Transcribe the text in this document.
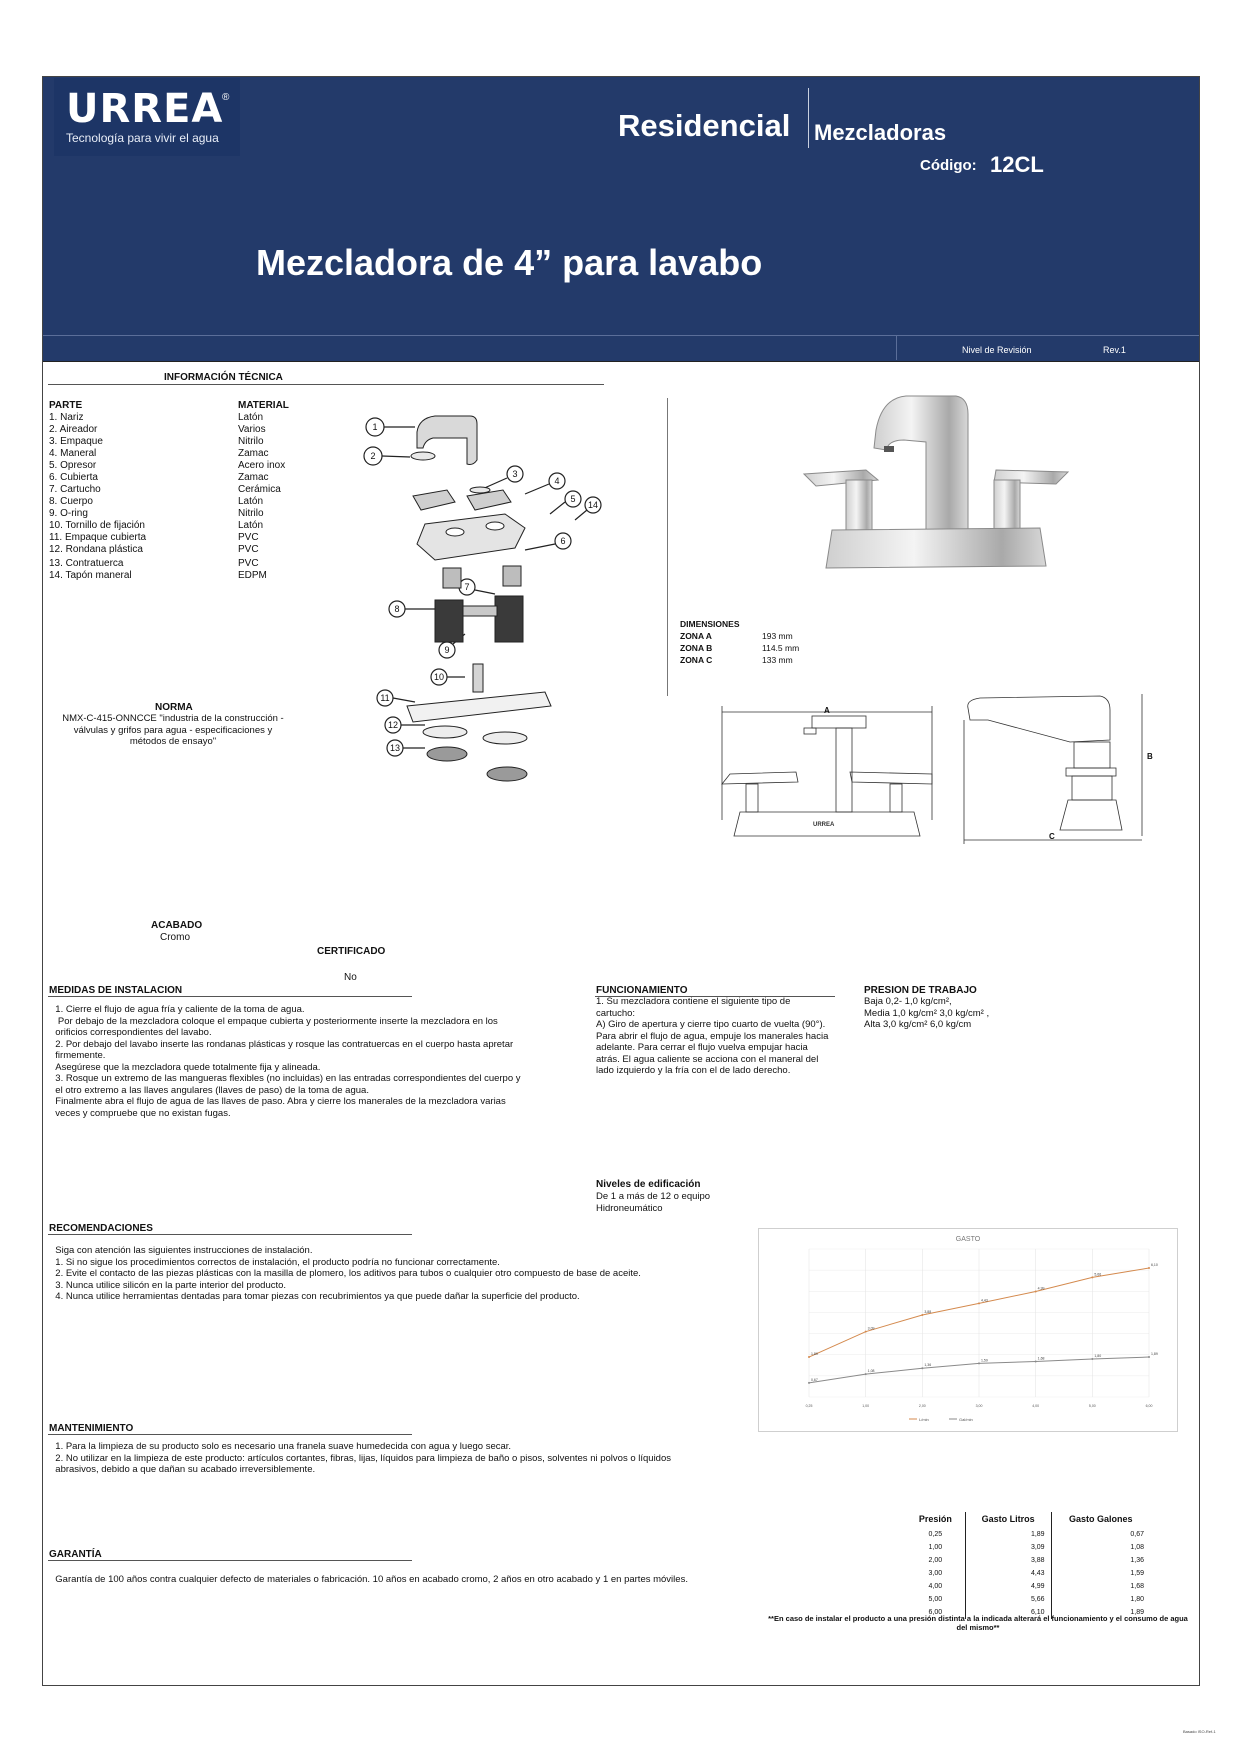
URREA
®
Tecnología para vivir el agua	Residencial Mezcladoras
Código: 12CL
Mezcladora de 4” para lavabo
Nivel de Revisión	Rev.1
INFORMACIÓN TÉCNICA
PARTE	MATERIAL
1. Nariz	Latón
2. Aireador	Varios
3. Empaque	Nitrilo
4. Maneral	Zamac
5. Opresor	Acero inox
6. Cubierta	Zamac
7. Cartucho	Cerámica
8. Cuerpo	Latón
9. O-ring	Nitrilo
10. Tornillo de fijación	Latón
11. Empaque cubierta	PVC
12. Rondana plástica	PVC
13. Contratuerca	PVC
14. Tapón maneral	EDPM
1
2
3
4
5
14
6
7
8
9
10
11
12
13
DIMENSIONES
ZONA A	193 mm
ZONA B	114.5 mm
ZONA C	133 mm
A
URREA
B
C
NORMA
NMX-C-415-ONNCCE "industria de la construcción - válvulas y grifos para agua - especificaciones y métodos de ensayo"
ACABADO
Cromo
CERTIFICADO
No
MEDIDAS DE INSTALACION
1. Cierre el flujo de agua fría y caliente de la toma de agua.
Por debajo de la mezcladora coloque el empaque cubierta y posteriormente inserte la mezcladora en los
orificios correspondientes del lavabo.
2. Por debajo del lavabo inserte las rondanas plásticas y rosque las contratuercas en el cuerpo hasta apretar
firmemente.
Asegúrese que la mezcladora quede totalmente fija y alineada.
3. Rosque un extremo de las mangueras flexibles (no incluidas) en las entradas correspondientes del cuerpo y
el otro extremo a las llaves angulares (llaves de paso) de la toma de agua.
Finalmente abra el flujo de agua de las llaves de paso. Abra y cierre los manerales de la mezcladora varias
veces y compruebe que no existan fugas.
FUNCIONAMIENTO
1. Su mezcladora contiene el siguiente tipo de
cartucho:
A) Giro de apertura y cierre tipo cuarto de vuelta (90°).
Para abrir el flujo de agua, empuje los manerales hacia
adelante. Para cerrar el flujo vuelva empujar hacia
atrás. El agua caliente se acciona con el maneral del
lado izquierdo y la fría con el de lado derecho.
PRESION DE TRABAJO
Baja 0,2- 1,0 kg/cm²,
Media 1,0 kg/cm² 3,0 kg/cm² ,
Alta 3,0 kg/cm² 6,0 kg/cm
Niveles de edificación
De 1 a más de 12 o equipo
Hidroneumático
RECOMENDACIONES
Siga con atención las siguientes instrucciones de instalación.
1. Si no sigue los procedimientos correctos de instalación, el producto podría no funcionar correctamente.
2. Evite el contacto de las piezas plásticas con la masilla de plomero, los aditivos para tubos o cualquier otro compuesto de base de aceite.
3. Nunca utilice silicón en la parte interior del producto.
4. Nunca utilice herramientas dentadas para tomar piezas con recubrimientos ya que puede dañar la superficie del producto.
GASTO
0,25	1,00	2,00	3,00	4,00	5,00	6,00
1,89
3,09
3,88
4,43
4,99
5,66
6,10
L/min
0,67
1,08
1,36
1,59	1,68
1,80	1,89
Gal/min
MANTENIMIENTO
1. Para la limpieza de su producto solo es necesario una franela suave humedecida con agua y luego secar.
2. No utilizar en la limpieza de este producto: artículos cortantes, fibras, lijas, líquidos para limpieza de baño o pisos, solventes ni polvos o líquidos
abrasivos, debido a que dañan su acabado irreversiblemente.
Presión	Gasto Litros	Gasto Galones
0,25	1,89	0,67
1,00	3,09	1,08
2,00	3,88	1,36
3,00	4,43	1,59
4,00	4,99	1,68
5,00	5,66	1,80
6,00	6,10	1,89
**En caso de instalar el producto a una presión distinta a la indicada alterará el funcionamiento y el consumo de agua del mismo**
GARANTÍA
Garantía de 100 años contra cualquier defecto de materiales o fabricación. 10 años en acabado cromo, 2 años en otro acabado y 1 en partes móviles.
Basado ISO-Ref-1
